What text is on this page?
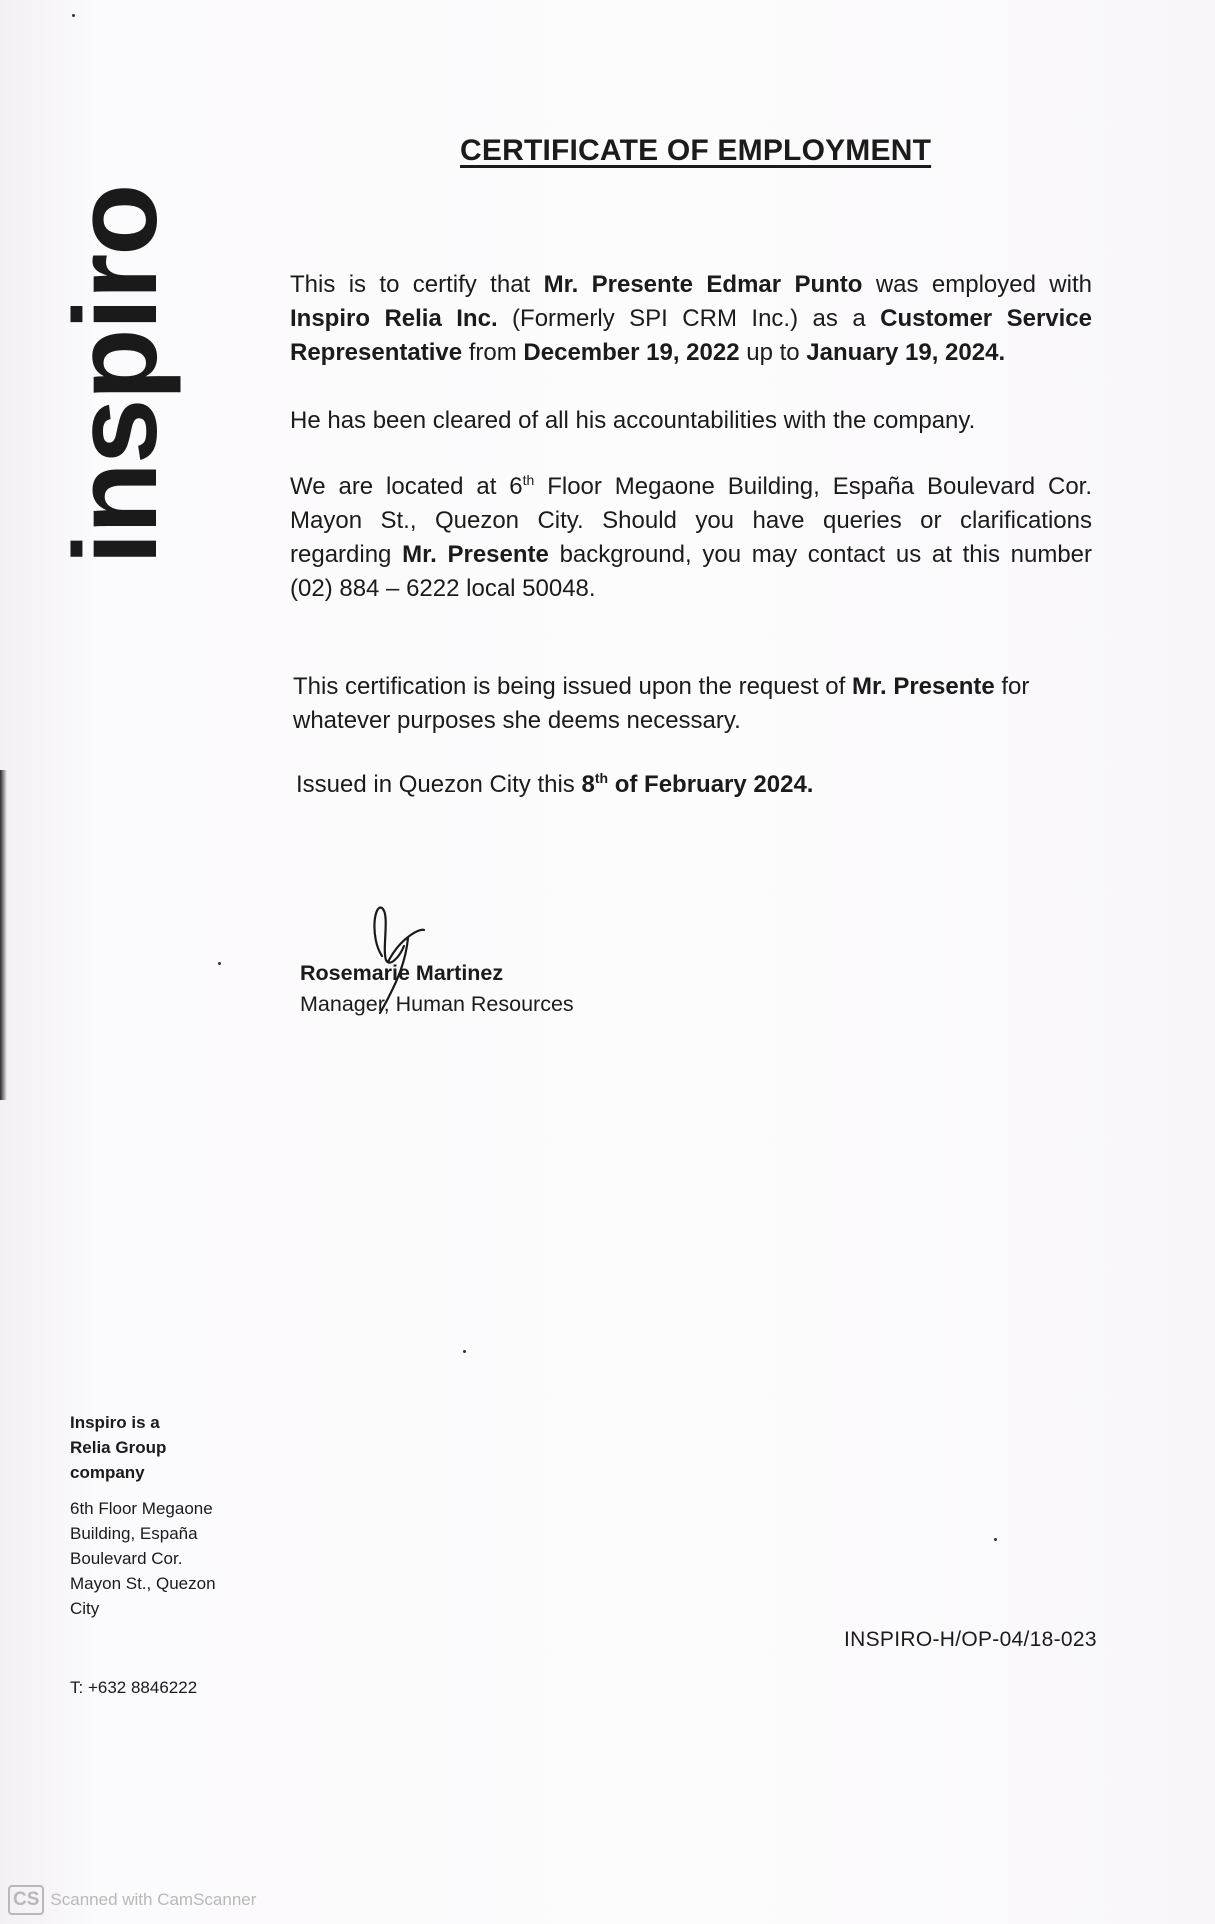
inspiro
CERTIFICATE OF EMPLOYMENT

This is to certify that Mr. Presente Edmar Punto was employed with Inspiro Relia Inc. (Formerly SPI CRM Inc.) as a Customer Service Representative from December 19, 2022 up to January 19, 2024.

He has been cleared of all his accountabilities with the company.

We are located at 6th Floor Megaone Building, España Boulevard Cor. Mayon St., Quezon City. Should you have queries or clarifications regarding Mr. Presente background, you may contact us at this number (02) 884 – 6222 local 50048.

This certification is being issued upon the request of Mr. Presente for whatever purposes she deems necessary.

Issued in Quezon City this 8th of February 2024.

Rosemarie Martinez
Manager, Human Resources
Inspiro is a
Relia Group
company
6th Floor Megaone
Building, España
Boulevard Cor.
Mayon St., Quezon
City
T: +632 8846222
INSPIRO-H/OP-04/18-023
CS Scanned with CamScanner
